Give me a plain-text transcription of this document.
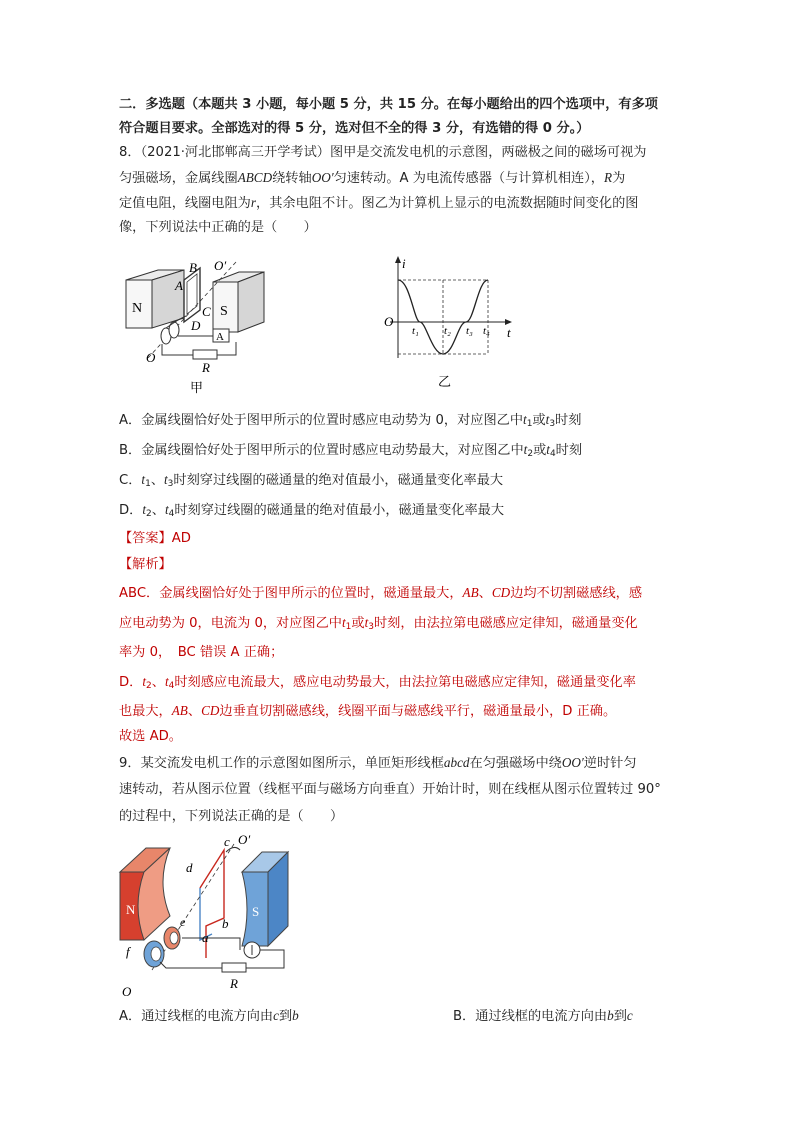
二．多选题（本题共 3 小题，每小题 5 分，共 15 分。在每小题给出的四个选项中，有多项
符合题目要求。全部选对的得 5 分，选对但不全的得 3 分，有选错的得 0 分。）
8．（2021·河北邯郸高三开学考试）图甲是交流发电机的示意图，两磁极之间的磁场可视为
匀强磁场，金属线圈ABCD绕转轴OO′匀速转动。A 为电流传感器（与计算机相连），R为
定值电阻，线圈电阻为r，其余电阻不计。图乙为计算机上显示的电流数据随时间变化的图
像，下列说法中正确的是（　　）
N	S
A
B O′
A
C
D
O
R
甲
i
O
t
t₁ t₂ t₃ t₄
乙
A．金属线圈恰好处于图甲所示的位置时感应电动势为 0，对应图乙中$t_1$或$t_3$时刻
B．金属线圈恰好处于图甲所示的位置时感应电动势最大，对应图乙中$t_2$或$t_4$时刻
C．$t_1$、$t_3$时刻穿过线圈的磁通量的绝对值最小，磁通量变化率最大
D．$t_2$、$t_4$时刻穿过线圈的磁通量的绝对值最小，磁通量变化率最大
【答案】AD
【解析】
ABC．金属线圈恰好处于图甲所示的位置时，磁通量最大，AB、CD边均不切割磁感线，感
应电动势为 0，电流为 0，对应图乙中$t_1$或$t_3$时刻，由法拉第电磁感应定律知，磁通量变化
率为 0，　BC 错误 A 正确；
D．$t_2$、$t_4$时刻感应电流最大，感应电动势最大，由法拉第电磁感应定律知，磁通量变化率
也最大，AB、CD边垂直切割磁感线，线圈平面与磁感线平行，磁通量最小，D 正确。
故选 AD。
9．某交流发电机工作的示意图如图所示，单匝矩形线框abcd在匀强磁场中绕OO′逆时针匀
速转动，若从图示位置（线框平面与磁场方向垂直）开始计时，则在线框从图示位置转过 90°
的过程中，下列说法正确的是（　　）
N	S
c O′
d
b
e
f
a
R
O
A．通过线框的电流方向由c到b	B．通过线框的电流方向由b到c
